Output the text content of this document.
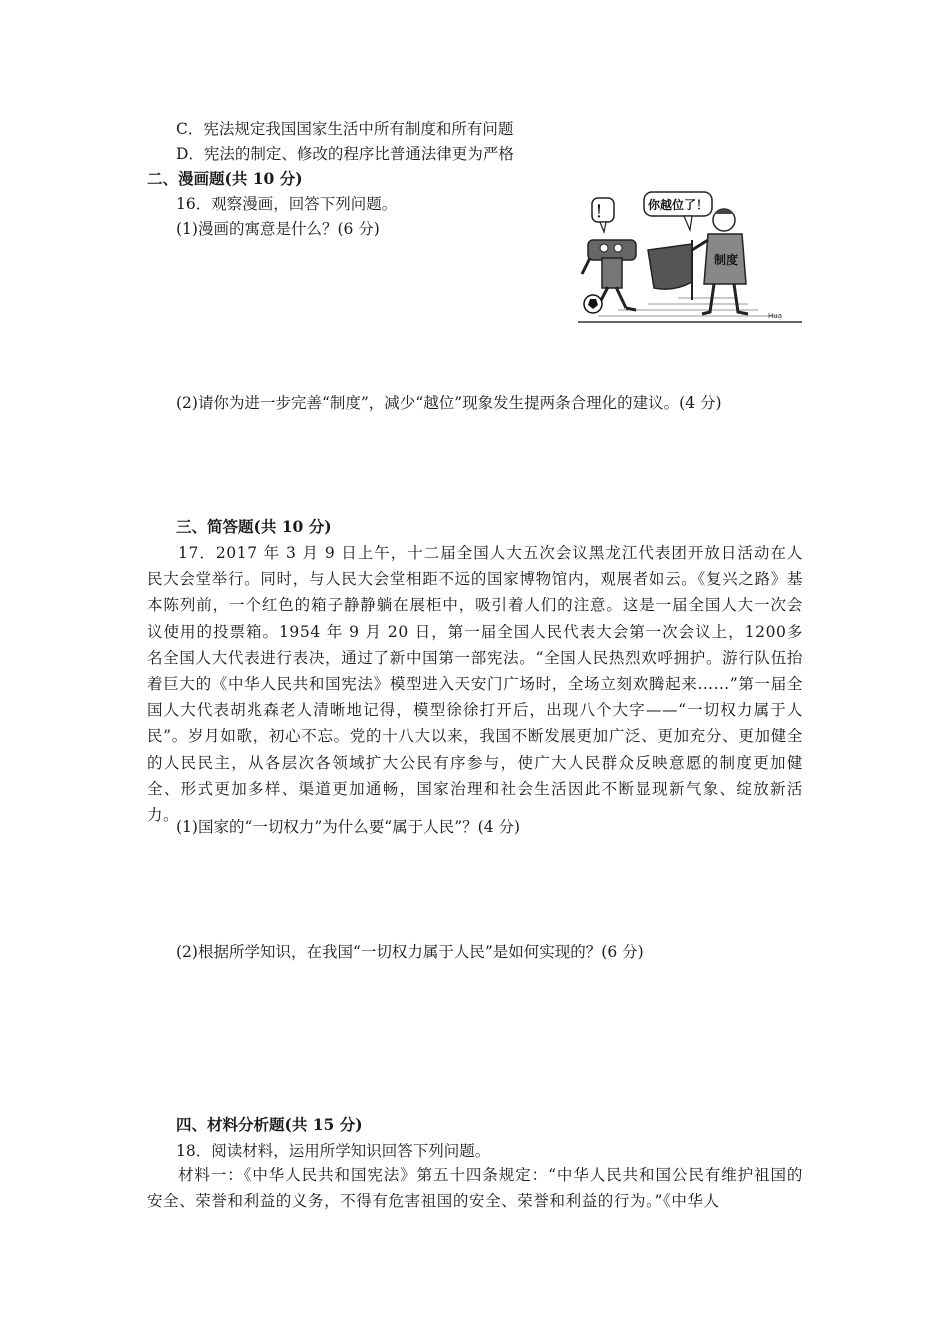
C．宪法规定我国国家生活中所有制度和所有问题
D．宪法的制定、修改的程序比普通法律更为严格
二、漫画题(共 10 分)
16．观察漫画，回答下列问题。
(1)漫画的寓意是什么？(6 分)
！	你越位了！
制度
Hua
(2)请你为进一步完善“制度”，减少“越位”现象发生提两条合理化的建议。(4 分)
三、简答题(共 10 分)
17．2017 年 3 月 9 日上午，十二届全国人大五次会议黑龙江代表团开放日活动在人民大会堂举行。同时，与人民大会堂相距不远的国家博物馆内，观展者如云。《复兴之路》基本陈列前，一个红色的箱子静静躺在展柜中，吸引着人们的注意。这是一届全国人大一次会议使用的投票箱。1954 年 9 月 20 日，第一届全国人民代表大会第一次会议上，1200多名全国人大代表进行表决，通过了新中国第一部宪法。“全国人民热烈欢呼拥护。游行队伍抬着巨大的《中华人民共和国宪法》模型进入天安门广场时，全场立刻欢腾起来……”第一届全国人大代表胡兆森老人清晰地记得，模型徐徐打开后，出现八个大字——“一切权力属于人民”。岁月如歌，初心不忘。党的十八大以来，我国不断发展更加广泛、更加充分、更加健全的人民民主，从各层次各领域扩大公民有序参与，使广大人民群众反映意愿的制度更加健全、形式更加多样、渠道更加通畅，国家治理和社会生活因此不断显现新气象、绽放新活力。
(1)国家的“一切权力”为什么要“属于人民”？(4 分)
(2)根据所学知识，在我国“一切权力属于人民”是如何实现的？(6 分)
四、材料分析题(共 15 分)
18．阅读材料，运用所学知识回答下列问题。
材料一：《中华人民共和国宪法》第五十四条规定：“中华人民共和国公民有维护祖国的安全、荣誉和利益的义务，不得有危害祖国的安全、荣誉和利益的行为。”《中华人
